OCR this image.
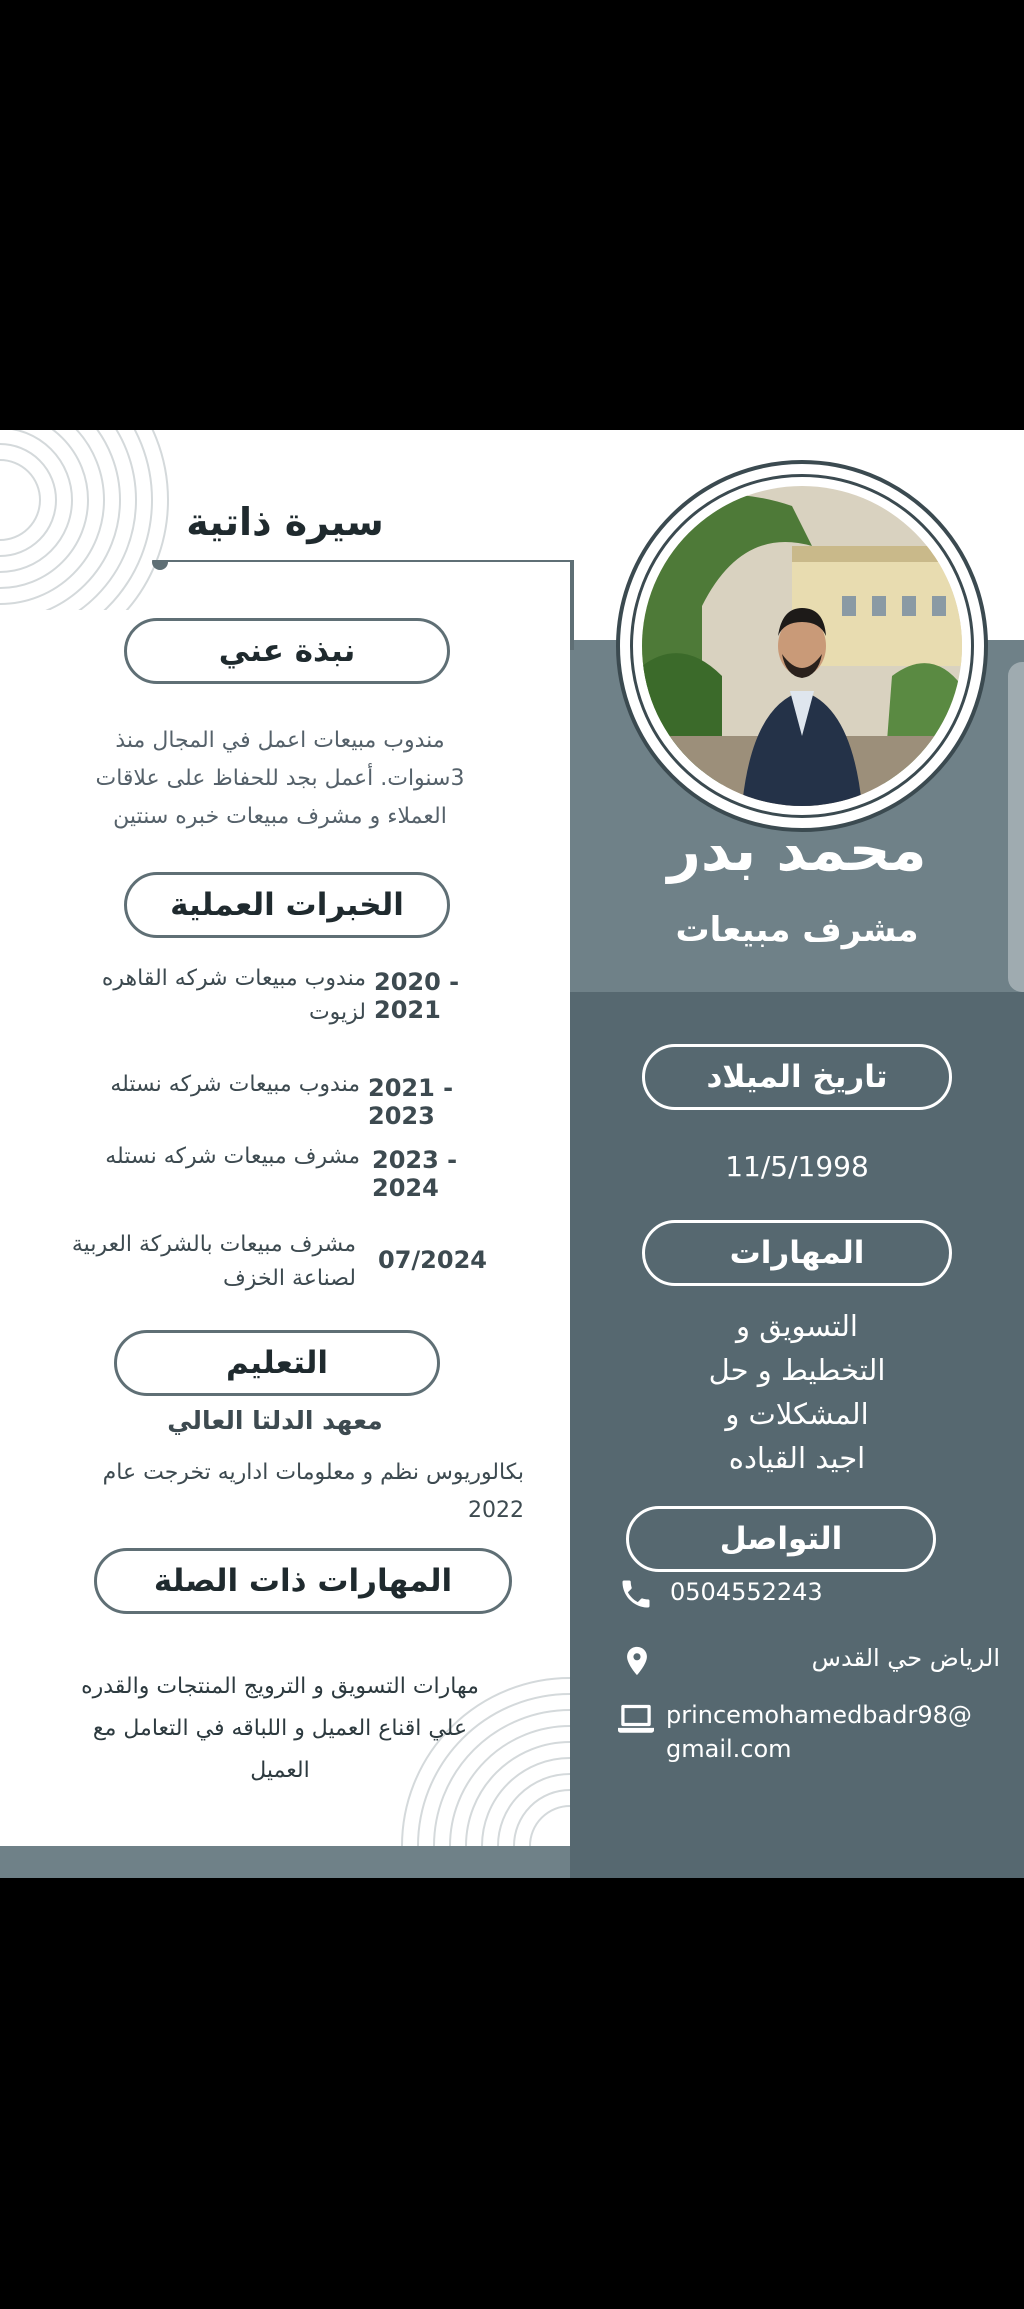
سيرة ذاتية
محمد بدر
مشرف مبيعات
نبذة عني
مندوب مبيعات اعمل في المجال منذ
3سنوات. أعمل بجد للحفاظ على علاقات
العملاء و مشرف مبيعات خبره سنتين
الخبرات العملية
2020 - 2021
مندوب مبيعات شركه القاهره
لزيوت
2021 - 2023
مندوب مبيعات شركه نستله
2023 - 2024
مشرف مبيعات شركه نستله
07/2024
مشرف مبيعات بالشركة العربية
لصناعة الخزف
التعليم
معهد الدلتا العالي
بكالوريوس نظم و معلومات اداريه تخرجت عام
2022
المهارات ذات الصلة
مهارات التسويق و الترويج المنتجات والقدره
علي اقناع العميل و اللباقه في التعامل مع
العميل
تاريخ الميلاد
11/5/1998
المهارات
التسويق و
التخطيط و حل
المشكلات و
اجيد القياده
التواصل
0504552243
الرياض حي القدس
princemohamedbadr98@
gmail.com
